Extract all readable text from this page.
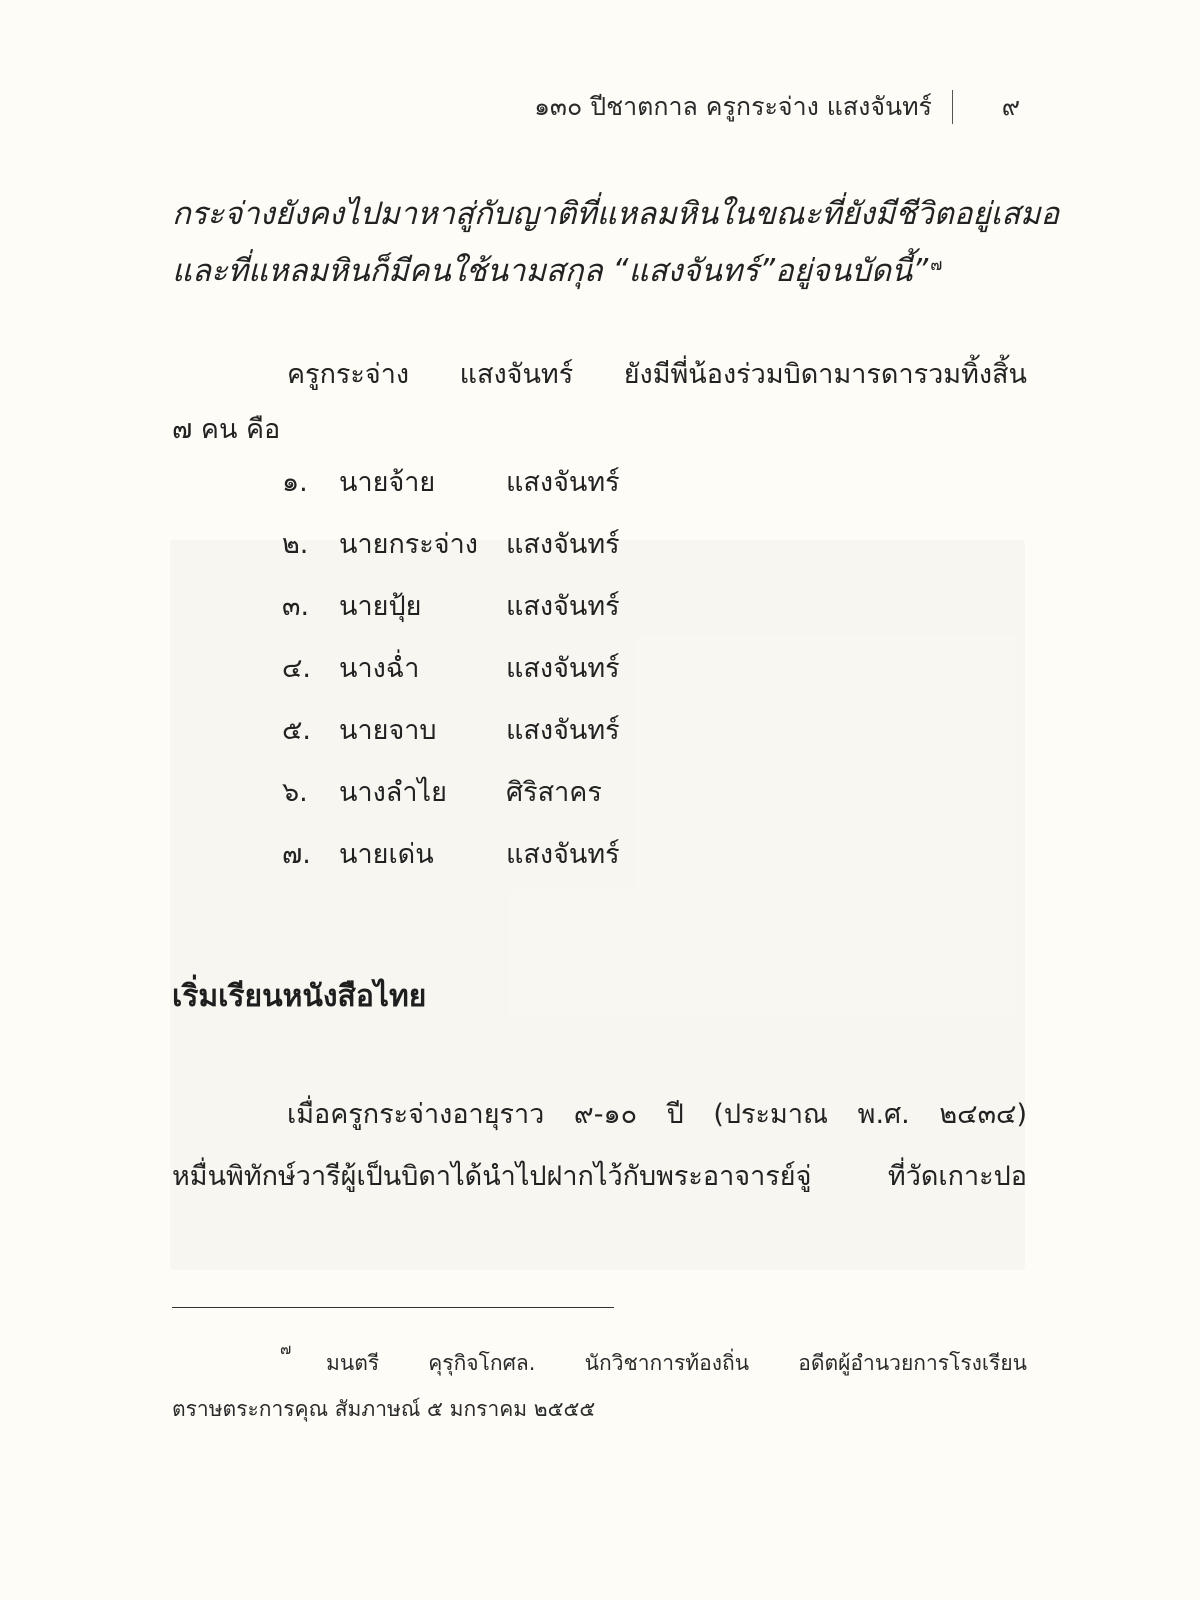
๑๓๐ ปีชาตกาล ครูกระจ่าง แสงจันทร์	๙
กระจ่างยังคงไปมาหาสู่กับญาติที่แหลมหินในขณะที่ยังมีชีวิตอยู่เสมอ
และที่แหลมหินก็มีคนใช้นามสกุล “แสงจันทร์”อยู่จนบัดนี้” $^๗$
ครูกระจ่าง แสงจันทร์ ยังมีพี่น้องร่วมบิดามารดารวมทิ้งสิ้น
๗ คน คือ
๑. นายจ้าย	แสงจันทร์
๒. นายกระจ่าง แสงจันทร์
๓. นายปุ้ย	แสงจันทร์
๔. นางฉ่ำ	แสงจันทร์
๕. นายจาบ	แสงจันทร์
๖. นางลำไย ศิริสาคร
๗. นายเด่น	แสงจันทร์
เริ่มเรียนหนังสือไทย
เมื่อครูกระจ่างอายุราว ๙-๑๐ ปี (ประมาณ พ.ศ. ๒๔๓๔)
หมื่นพิทักษ์วารีผู้เป็นบิดาได้นำไปฝากไว้กับพระอาจารย์จู่ ที่วัดเกาะปอ
๗
มนตรี คุรุกิจโกศล. นักวิชาการท้องถิ่น อดีตผู้อำนวยการโรงเรียน
ตราษตระการคุณ สัมภาษณ์ ๕ มกราคม ๒๕๕๕
